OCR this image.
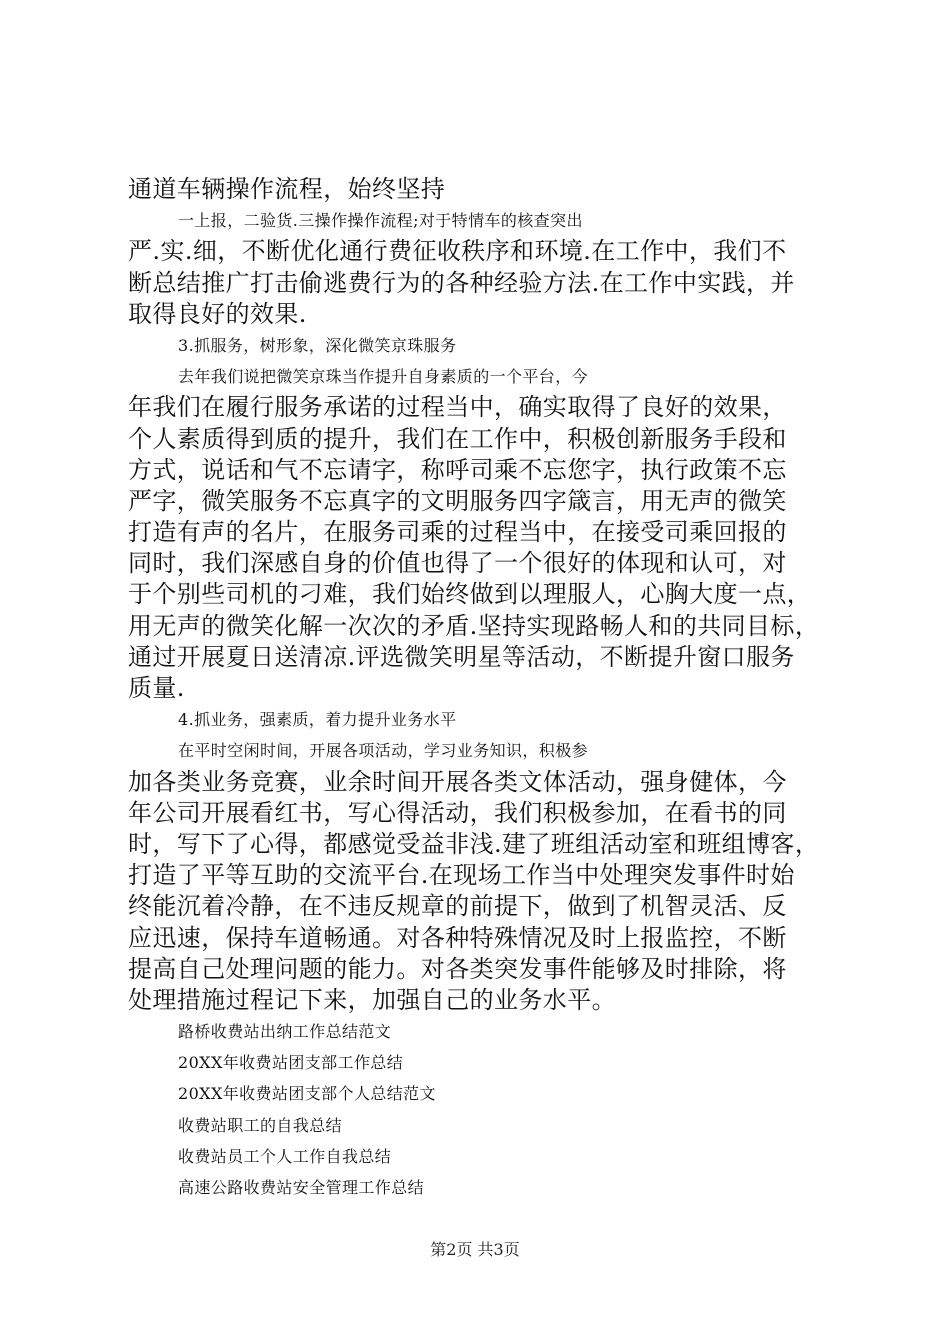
通道车辆操作流程，始终坚持
一上报，二验货.三操作操作流程;对于特情车的核查突出
严.实.细，不断优化通行费征收秩序和环境.在工作中，我们不
断总结推广打击偷逃费行为的各种经验方法.在工作中实践，并
取得良好的效果.
3.抓服务，树形象，深化微笑京珠服务
去年我们说把微笑京珠当作提升自身素质的一个平台，今
年我们在履行服务承诺的过程当中，确实取得了良好的效果，
个人素质得到质的提升，我们在工作中，积极创新服务手段和
方式，说话和气不忘请字，称呼司乘不忘您字，执行政策不忘
严字，微笑服务不忘真字的文明服务四字箴言，用无声的微笑
打造有声的名片，在服务司乘的过程当中，在接受司乘回报的
同时，我们深感自身的价值也得了一个很好的体现和认可，对
于个别些司机的刁难，我们始终做到以理服人，心胸大度一点，
用无声的微笑化解一次次的矛盾.坚持实现路畅人和的共同目标，
通过开展夏日送清凉.评选微笑明星等活动，不断提升窗口服务
质量.
4.抓业务，强素质，着力提升业务水平
在平时空闲时间，开展各项活动，学习业务知识，积极参
加各类业务竞赛，业余时间开展各类文体活动，强身健体，今
年公司开展看红书，写心得活动，我们积极参加，在看书的同
时，写下了心得，都感觉受益非浅.建了班组活动室和班组博客，
打造了平等互助的交流平台.在现场工作当中处理突发事件时始
终能沉着冷静，在不违反规章的前提下，做到了机智灵活、反
应迅速，保持车道畅通。对各种特殊情况及时上报监控，不断
提高自己处理问题的能力。对各类突发事件能够及时排除，将
处理措施过程记下来，加强自己的业务水平。
路桥收费站出纳工作总结范文
20XX年收费站团支部工作总结
20XX年收费站团支部个人总结范文
收费站职工的自我总结
收费站员工个人工作自我总结
高速公路收费站安全管理工作总结
第2页 共3页
